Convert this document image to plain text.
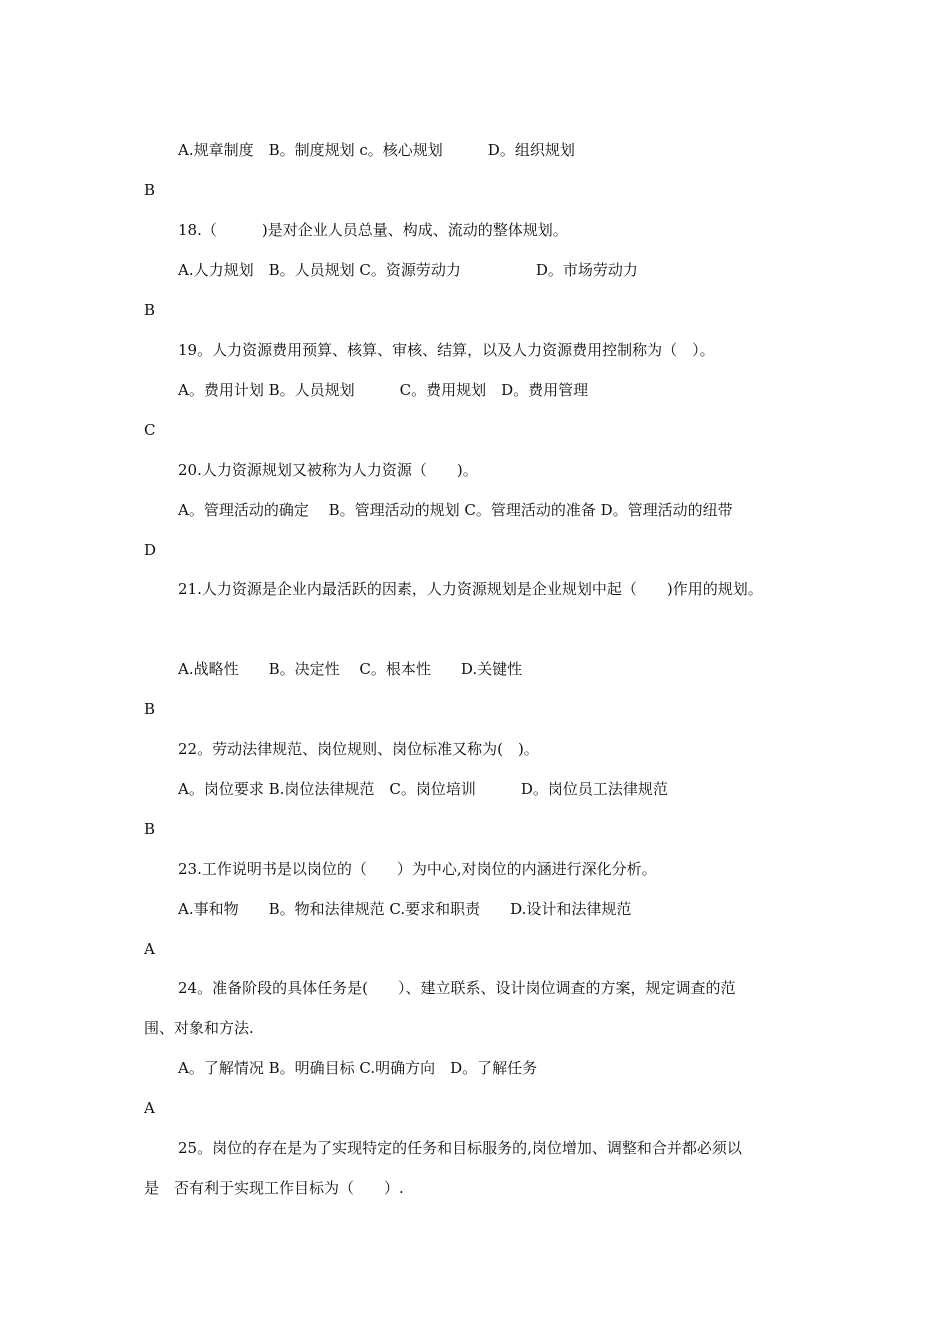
A.规章制度　B。制度规划 c。核心规划　　　D。组织规划
B
18.（　　　)是对企业人员总量、构成、流动的整体规划。
A.人力规划　B。人员规划 C。资源劳动力　　　　　D。市场劳动力
B
19。人力资源费用预算、核算、审核、结算，以及人力资源费用控制称为（　）。
A。费用计划 B。人员规划　　　C。费用规划　D。费用管理
C
20.人力资源规划又被称为人力资源（　　)。
A。管理活动的确定　 B。管理活动的规划 C。管理活动的准备 D。管理活动的纽带
D
21.人力资源是企业内最活跃的因素，人力资源规划是企业规划中起（　　)作用的规划。
A.战略性　　B。决定性　 C。根本性　　D.关键性
B
22。劳动法律规范、岗位规则、岗位标准又称为(　)。
A。岗位要求 B.岗位法律规范　C。岗位培训　　　D。岗位员工法律规范
B
23.工作说明书是以岗位的（　　）为中心,对岗位的内涵进行深化分析。
A.事和物　　B。物和法律规范 C.要求和职责　　D.设计和法律规范
A
24。准备阶段的具体任务是(　　）、建立联系、设计岗位调查的方案，规定调查的范
围、对象和方法.
A。了解情况 B。明确目标 C.明确方向　D。了解任务
A
25。岗位的存在是为了实现特定的任务和目标服务的,岗位增加、调整和合并都必须以
是　否有利于实现工作目标为（　　）.
